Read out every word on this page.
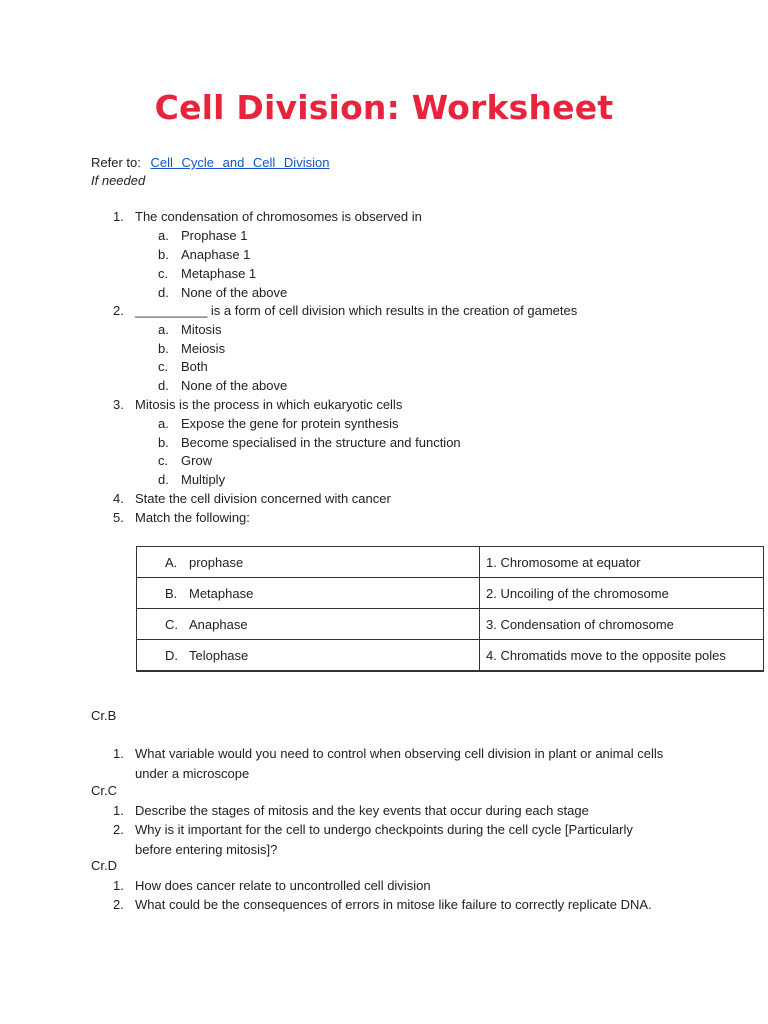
Cell Division: Worksheet
Refer to: Cell Cycle and Cell Division
If needed
1. The condensation of chromosomes is observed in
a. Prophase 1
b. Anaphase 1
c. Metaphase 1
d. None of the above
2. __________ is a form of cell division which results in the creation of gametes
a. Mitosis
b. Meiosis
c. Both
d. None of the above
3. Mitosis is the process in which eukaryotic cells
a. Expose the gene for protein synthesis
b. Become specialised in the structure and function
c. Grow
d. Multiply
4. State the cell division concerned with cancer
5. Match the following:
A. prophase	1. Chromosome at equator
B. Metaphase	2. Uncoiling of the chromosome
C. Anaphase	3. Condensation of chromosome
D. Telophase	4. Chromatids move to the opposite poles
Cr.B
1. What variable would you need to control when observing cell division in plant or animal cells under a microscope
Cr.C
1. Describe the stages of mitosis and the key events that occur during each stage
2. Why is it important for the cell to undergo checkpoints during the cell cycle [Particularly before entering mitosis]?
Cr.D
1. How does cancer relate to uncontrolled cell division
2. What could be the consequences of errors in mitose like failure to correctly replicate DNA.
